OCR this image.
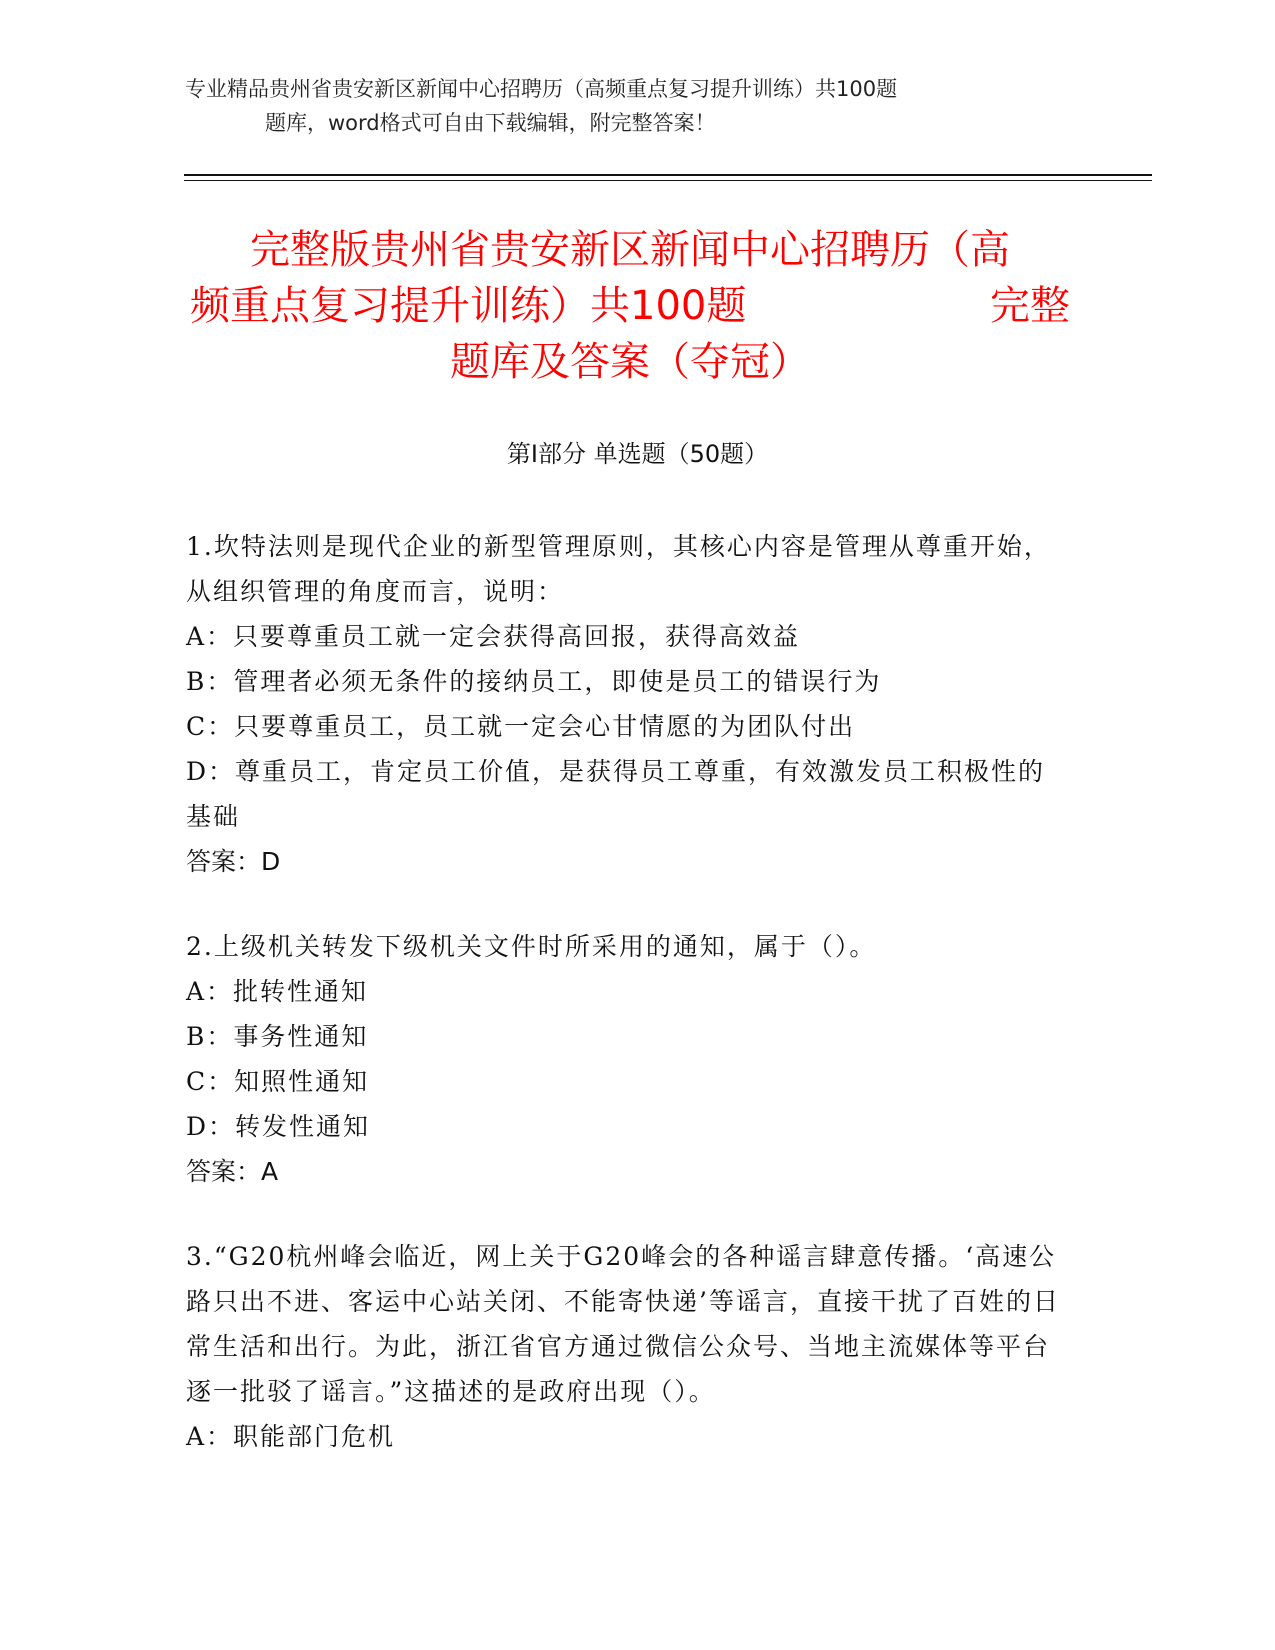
专业精品贵州省贵安新区新闻中心招聘历（高频重点复习提升训练）共100题
题库，word格式可自由下载编辑，附完整答案！
完整版贵州省贵安新区新闻中心招聘历（高
频重点复习提升训练）共100题	完整
题库及答案（夺冠）
第Ⅰ部分 单选题（50题）

1.坎特法则是现代企业的新型管理原则，其核心内容是管理从尊重开始，从组织管理的角度而言，说明：

A：只要尊重员工就一定会获得高回报，获得高效益

B：管理者必须无条件的接纳员工，即使是员工的错误行为

C：只要尊重员工，员工就一定会心甘情愿的为团队付出

D：尊重员工，肯定员工价值，是获得员工尊重，有效激发员工积极性的基础

答案：D

2.上级机关转发下级机关文件时所采用的通知，属于（）。

A：批转性通知

B：事务性通知

C：知照性通知

D：转发性通知

答案：A

3.“G20杭州峰会临近，网上关于G20峰会的各种谣言肆意传播。‘高速公路只出不进、客运中心站关闭、不能寄快递’等谣言，直接干扰了百姓的日常生活和出行。为此，浙江省官方通过微信公众号、当地主流媒体等平台逐一批驳了谣言。”这描述的是政府出现（）。

A：职能部门危机
